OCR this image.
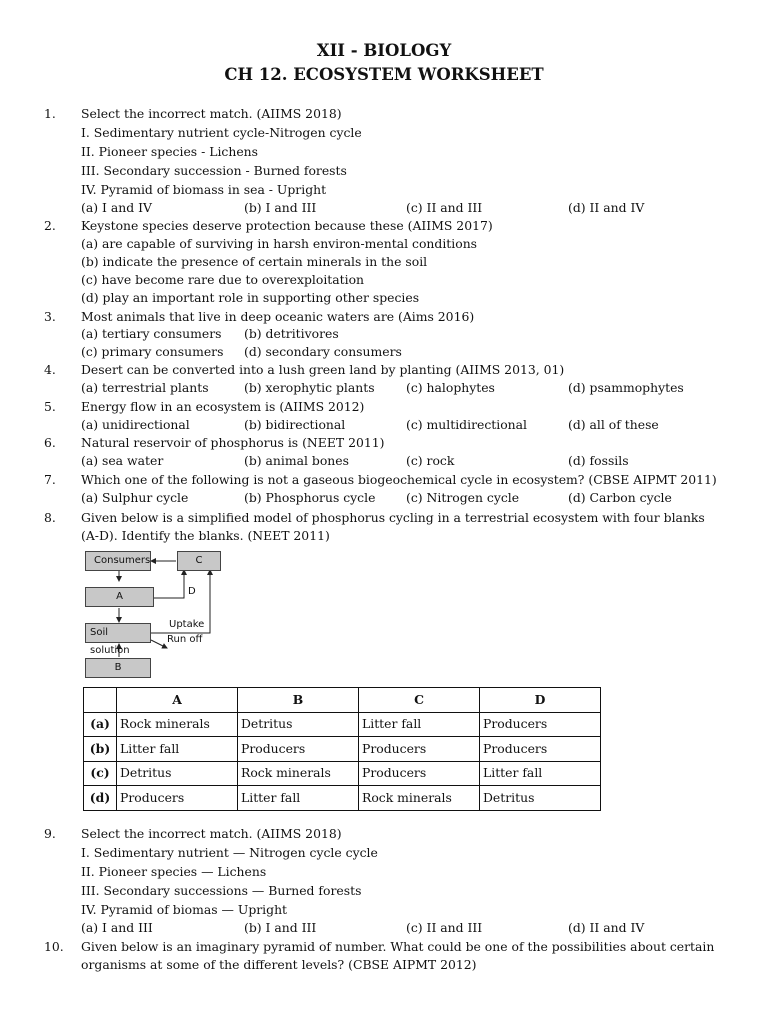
XII - BIOLOGY
CH 12. ECOSYSTEM WORKSHEET
1. Select the incorrect match. (AIIMS 2018)
I. Sedimentary nutrient cycle-Nitrogen cycle
II. Pioneer species - Lichens
III. Secondary succession - Burned forests
IV. Pyramid of biomass in sea - Upright
(a) I and IV	(b) I and III	(c) II and III	(d) II and IV
2. Keystone species deserve protection because these (AIIMS 2017)
(a) are capable of surviving in harsh environ-mental conditions
(b) indicate the presence of certain minerals in the soil
(c) have become rare due to overexploitation
(d) play an important role in supporting other species
3. Most animals that live in deep oceanic waters are (Aims 2016)
(a) tertiary consumers (b) detritivores
(c) primary consumers (d) secondary consumers
4. Desert can be converted into a lush green land by planting (AIIMS 2013, 01)
(a) terrestrial plants	(b) xerophytic plants	(c) halophytes	(d) psammophytes
5. Energy flow in an ecosystem is (AIIMS 2012)
(a) unidirectional	(b) bidirectional	(c) multidirectional	(d) all of these
6. Natural reservoir of phosphorus is (NEET 2011)
(a) sea water	(b) animal bones	(c) rock	(d) fossils
7. Which one of the following is not a gaseous biogeochemical cycle in ecosystem? (CBSE AIPMT 2011)
(a) Sulphur cycle	(b) Phosphorus cycle (c) Nitrogen cycle	(d) Carbon cycle
8. Given below is a simplified model of phosphorus cycling in a terrestrial ecosystem with four blanks
(A-D). Identify the blanks. (NEET 2011)
Consumers	C
D
A
Uptake
Soil solution
Run off
B
	A	B	C	D
(a)	Rock minerals	Detritus	Litter fall	Producers
(b)	Litter fall	Producers	Producers	Producers
(c)	Detritus	Rock minerals	Producers	Litter fall
(d)	Producers	Litter fall	Rock minerals	Detritus
9. Select the incorrect match. (AIIMS 2018)
I. Sedimentary nutrient — Nitrogen cycle cycle
II. Pioneer species — Lichens
III. Secondary successions — Burned forests
IV. Pyramid of biomas — Upright
(a) I and III	(b) I and III	(c) II and III	(d) II and IV
10. Given below is an imaginary pyramid of number. What could be one of the possibilities about certain
organisms at some of the different levels? (CBSE AIPMT 2012)
